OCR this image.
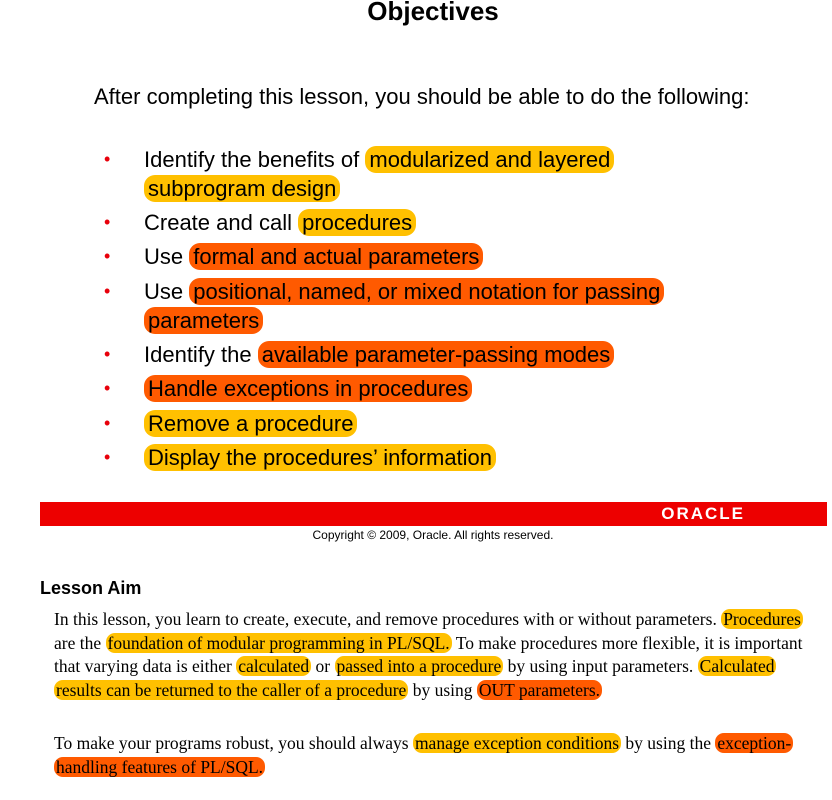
Objectives
After completing this lesson, you should be able to do the following:
• Identify the benefits of modularized and layered subprogram design
• Create and call procedures
• Use formal and actual parameters
• Use positional, named, or mixed notation for passing parameters
• Identify the available parameter-passing modes
• Handle exceptions in procedures
• Remove a procedure
• Display the procedures’ information
ORACLE
Copyright © 2009, Oracle. All rights reserved.
Lesson Aim
In this lesson, you learn to create, execute, and remove procedures with or without parameters. Procedures are the foundation of modular programming in PL/SQL. To make procedures more flexible, it is important that varying data is either calculated or passed into a procedure by using input parameters. Calculated results can be returned to the caller of a procedure by using OUT parameters.
To make your programs robust, you should always manage exception conditions by using the exception-handling features of PL/SQL.
